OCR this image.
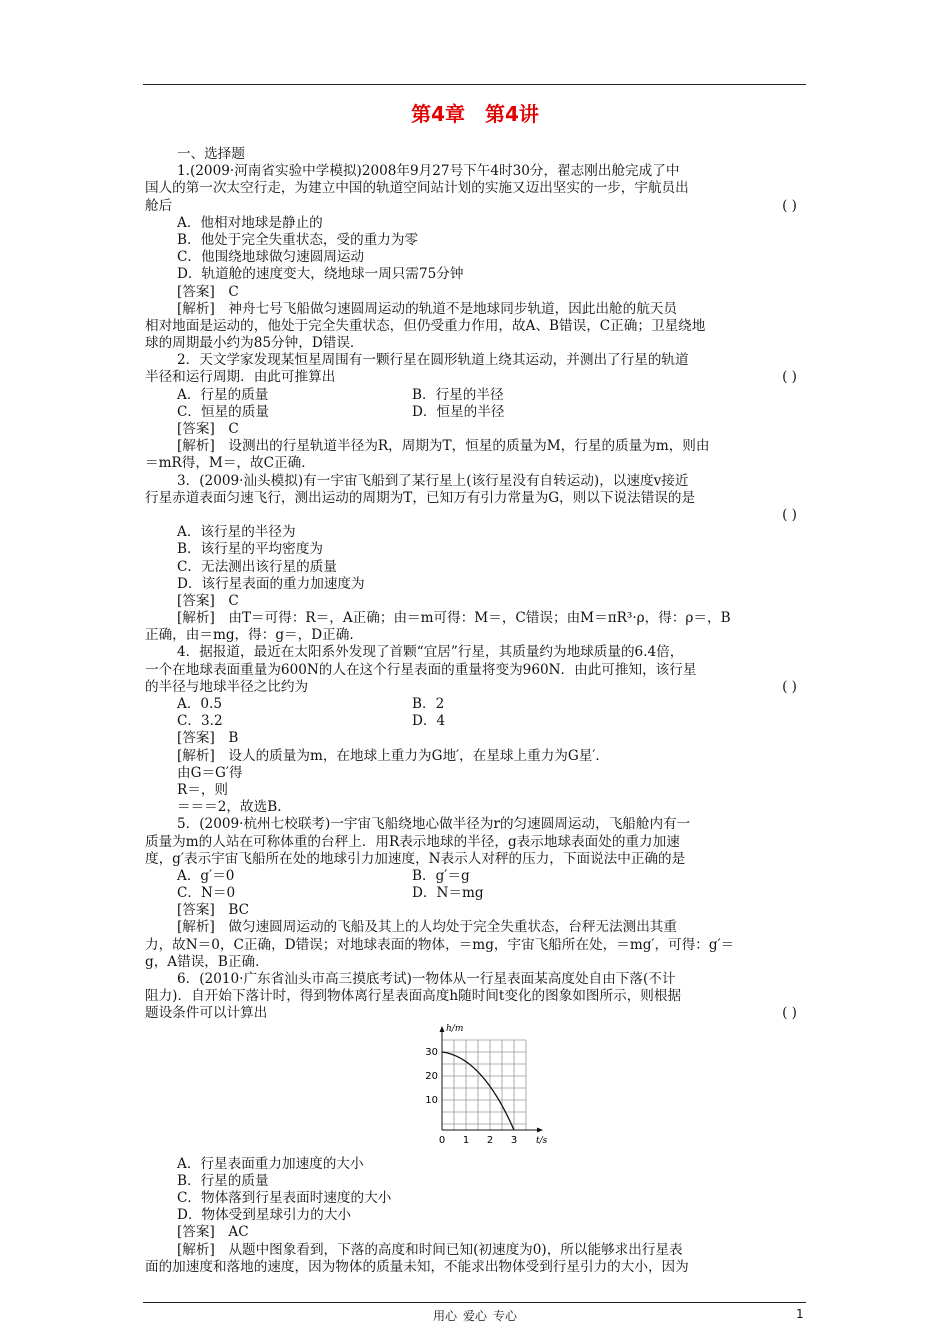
第4章 第4讲
一、选择题
1.(2009·河南省实验中学模拟)2008年9月27号下午4时30分，翟志刚出舱完成了中
国人的第一次太空行走，为建立中国的轨道空间站计划的实施又迈出坚实的一步，宇航员出
舱后	( )
A．他相对地球是静止的
B．他处于完全失重状态，受的重力为零
C．他围绕地球做匀速圆周运动
D．轨道舱的速度变大，绕地球一周只需75分钟
[答案]　C
[解析]　神舟七号飞船做匀速圆周运动的轨道不是地球同步轨道，因此出舱的航天员
相对地面是运动的，他处于完全失重状态，但仍受重力作用，故A、B错误，C正确；卫星绕地
球的周期最小约为85分钟，D错误．
2．天文学家发现某恒星周围有一颗行星在圆形轨道上绕其运动，并测出了行星的轨道
半径和运行周期．由此可推算出	( )
A．行星的质量	B．行星的半径
C．恒星的质量	D．恒星的半径
[答案]　C
[解析]　设测出的行星轨道半径为R，周期为T，恒星的质量为M，行星的质量为m，则由
＝mR得，M＝，故C正确．
3．(2009·汕头模拟)有一宇宙飞船到了某行星上(该行星没有自转运动)，以速度v接近
行星赤道表面匀速飞行，测出运动的周期为T，已知万有引力常量为G，则以下说法错误的是
( )
A．该行星的半径为
B．该行星的平均密度为
C．无法测出该行星的质量
D．该行星表面的重力加速度为
[答案]　C
[解析]　由T＝可得：R＝，A正确；由＝m可得：M＝，C错误；由M＝πR³·ρ，得：ρ＝，B
正确，由＝mg，得：g＝，D正确．
4．据报道，最近在太阳系外发现了首颗“宜居”行星，其质量约为地球质量的6.4倍，
一个在地球表面重量为600N的人在这个行星表面的重量将变为960N．由此可推知，该行星
的半径与地球半径之比约为	( )
A．0.5	B．2
C．3.2	D．4
[答案]　B
[解析]　设人的质量为m，在地球上重力为G地′，在星球上重力为G星′．
由G＝G′得
R＝，则
＝＝＝2，故选B.
5．(2009·杭州七校联考)一宇宙飞船绕地心做半径为r的匀速圆周运动，飞船舱内有一
质量为m的人站在可称体重的台秤上．用R表示地球的半径，g表示地球表面处的重力加速
度，g′表示宇宙飞船所在处的地球引力加速度，N表示人对秤的压力，下面说法中正确的是
A．g′＝0	B．g′＝g
C．N＝0	D．N＝mg
[答案]　BC
[解析]　做匀速圆周运动的飞船及其上的人均处于完全失重状态，台秤无法测出其重
力，故N＝0，C正确，D错误；对地球表面的物体，＝mg，宇宙飞船所在处，＝mg′，可得：g′＝
g，A错误，B正确．
6．(2010·广东省汕头市高三摸底考试)一物体从一行星表面某高度处自由下落(不计
阻力)．自开始下落计时，得到物体离行星表面高度h随时间t变化的图象如图所示，则根据
题设条件可以计算出	( )
h/m
t/s
30
20
10
0 1 2 3
A．行星表面重力加速度的大小
B．行星的质量
C．物体落到行星表面时速度的大小
D．物体受到星球引力的大小
[答案]　AC
[解析]　从题中图象看到，下落的高度和时间已知(初速度为0)，所以能够求出行星表
面的加速度和落地的速度，因为物体的质量未知，不能求出物体受到行星引力的大小，因为
用心 爱心 专心	1
